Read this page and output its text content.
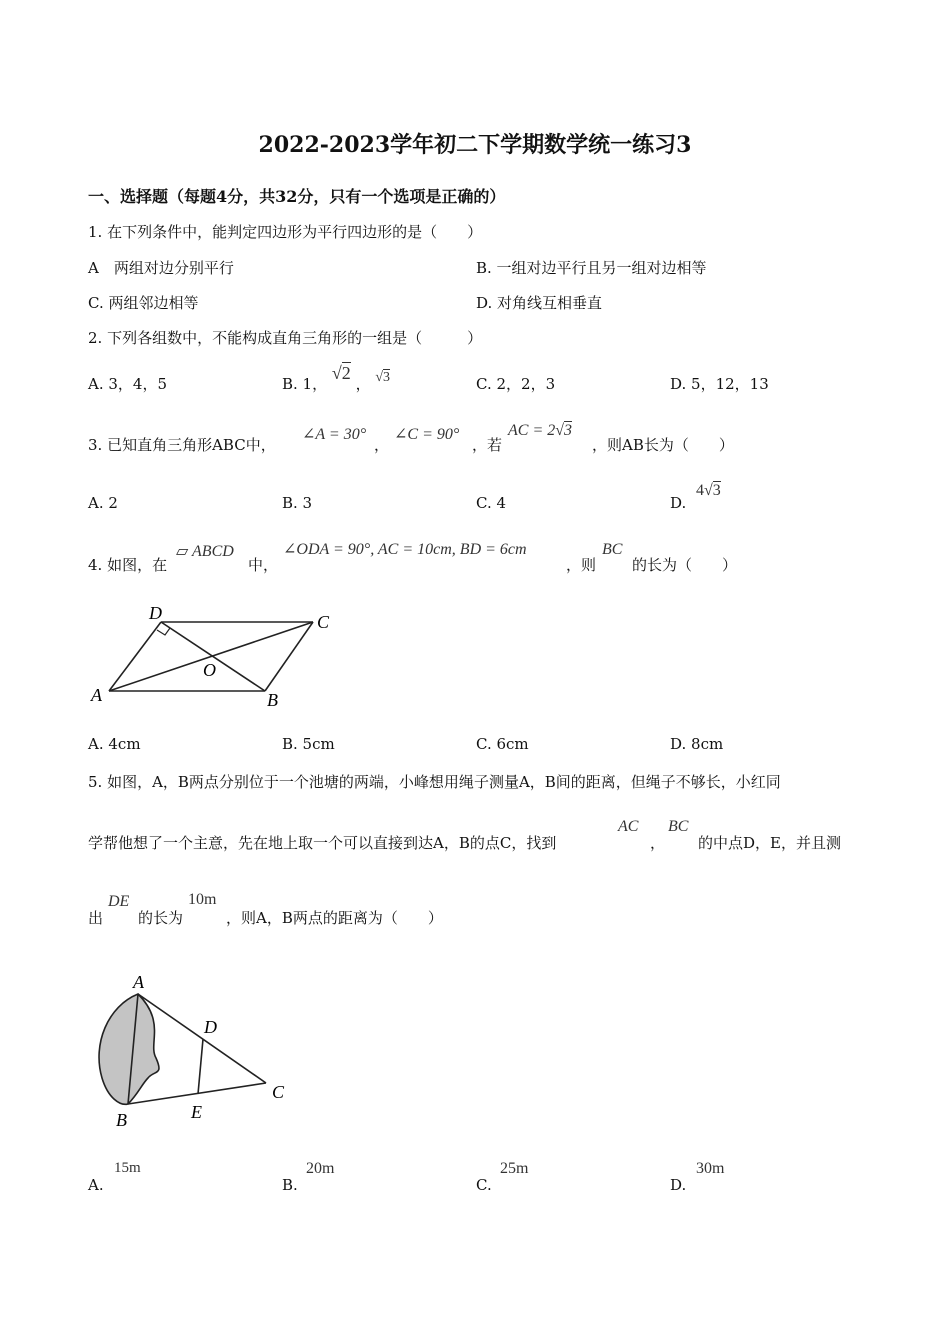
2022-2023学年初二下学期数学统一练习3
一、选择题（每题4分，共32分，只有一个选项是正确的）
1. 在下列条件中，能判定四边形为平行四边形的是（　　）
A　两组对边分别平行	B. 一组对边平行且另一组对边相等
C. 两组邻边相等	D. 对角线互相垂直
2. 下列各组数中，不能构成直角三角形的一组是（　　　）
A. 3，4，5	B. 1， √2 ， √3	C. 2，2，3	D. 5，12，13
3. 已知直角三角形ABC中，
∠A = 30°
，
∠C = 90°
，若
AC = 2√3
，则AB长为（　　）
A. 2	B. 3	C. 4	D.
4√3
4. 如图，在
▱ ABCD
中，
∠ODA = 90°, AC = 10cm, BD = 6cm
，则
BC
的长为（　　）
A	B
C
D
O
A. 4cm	B. 5cm	C. 6cm	D. 8cm
5. 如图，A，B两点分别位于一个池塘的两端，小峰想用绳子测量A，B间的距离，但绳子不够长，小红同
学帮他想了一个主意，先在地上取一个可以直接到达A，B的点C，找到
AC
，
BC
的中点D，E，并且测
出
DE
的长为
10m
，则A，B两点的距离为（　　）
A
B
C
D
E
A.
15m
B.
20m
C.
25m
D.
30m
